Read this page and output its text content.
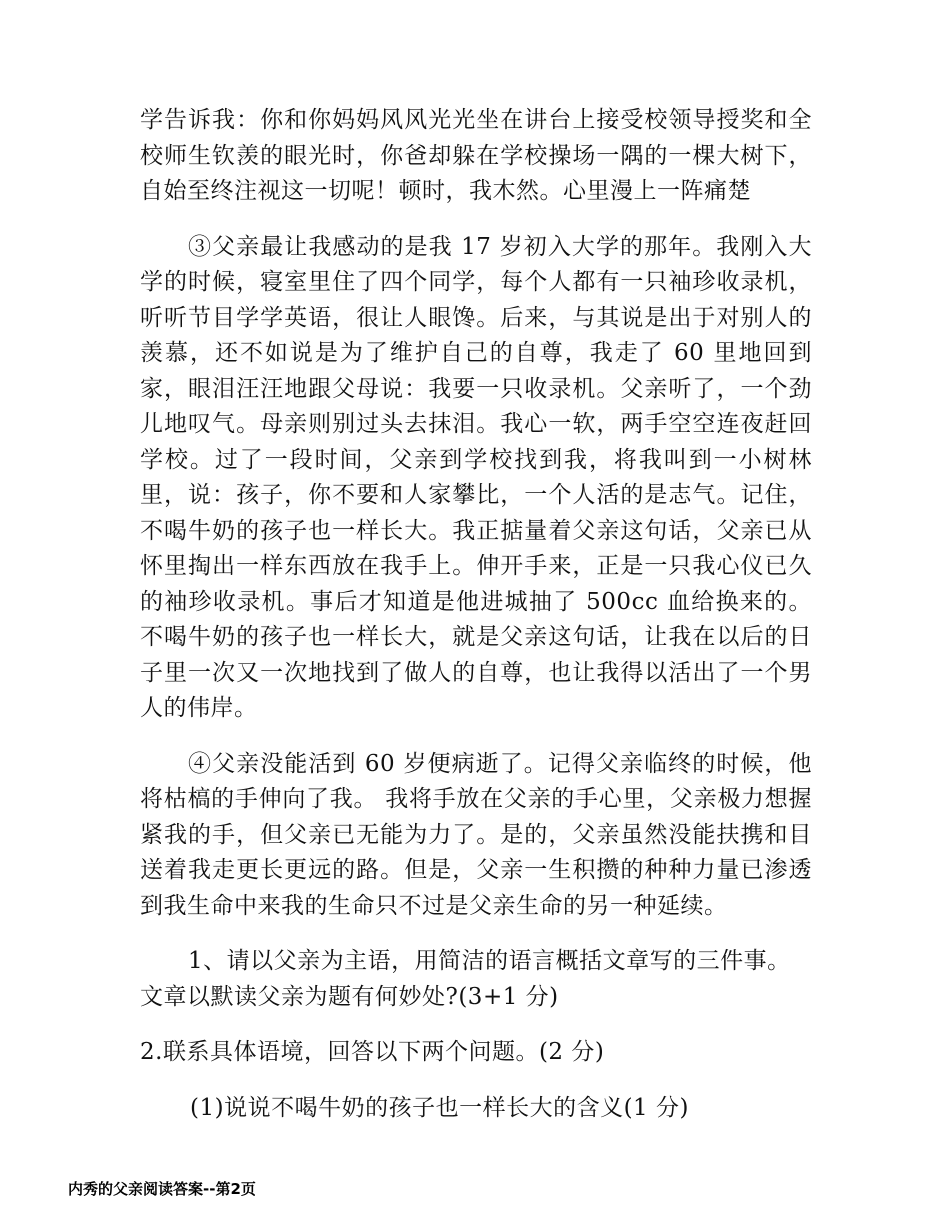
学告诉我：你和你妈妈风风光光坐在讲台上接受校领导授奖和全校师生钦羡的眼光时，你爸却躲在学校操场一隅的一棵大树下，自始至终注视这一切呢！顿时，我木然。心里漫上一阵痛楚

③父亲最让我感动的是我 17 岁初入大学的那年。我刚入大学的时候，寝室里住了四个同学，每个人都有一只袖珍收录机，听听节目学学英语，很让人眼馋。后来，与其说是出于对别人的羡慕，还不如说是为了维护自己的自尊，我走了 60 里地回到家，眼泪汪汪地跟父母说：我要一只收录机。父亲听了，一个劲儿地叹气。母亲则别过头去抹泪。我心一软，两手空空连夜赶回学校。过了一段时间，父亲到学校找到我，将我叫到一小树林里，说：孩子，你不要和人家攀比，一个人活的是志气。记住，不喝牛奶的孩子也一样长大。我正掂量着父亲这句话，父亲已从怀里掏出一样东西放在我手上。伸开手来，正是一只我心仪已久的袖珍收录机。事后才知道是他进城抽了 500cc 血给换来的。不喝牛奶的孩子也一样长大，就是父亲这句话，让我在以后的日子里一次又一次地找到了做人的自尊，也让我得以活出了一个男人的伟岸。

④父亲没能活到 60 岁便病逝了。记得父亲临终的时候，他将枯槁的手伸向了我。 我将手放在父亲的手心里，父亲极力想握紧我的手，但父亲已无能为力了。是的，父亲虽然没能扶携和目送着我走更长更远的路。但是，父亲一生积攒的种种力量已渗透到我生命中来我的生命只不过是父亲生命的另一种延续。

1、请以父亲为主语，用简洁的语言概括文章写的三件事。文章以默读父亲为题有何妙处?(3+1 分)

2.联系具体语境，回答以下两个问题。(2 分)

(1)说说不喝牛奶的孩子也一样长大的含义(1 分)

内秀的父亲阅读答案--第2页
